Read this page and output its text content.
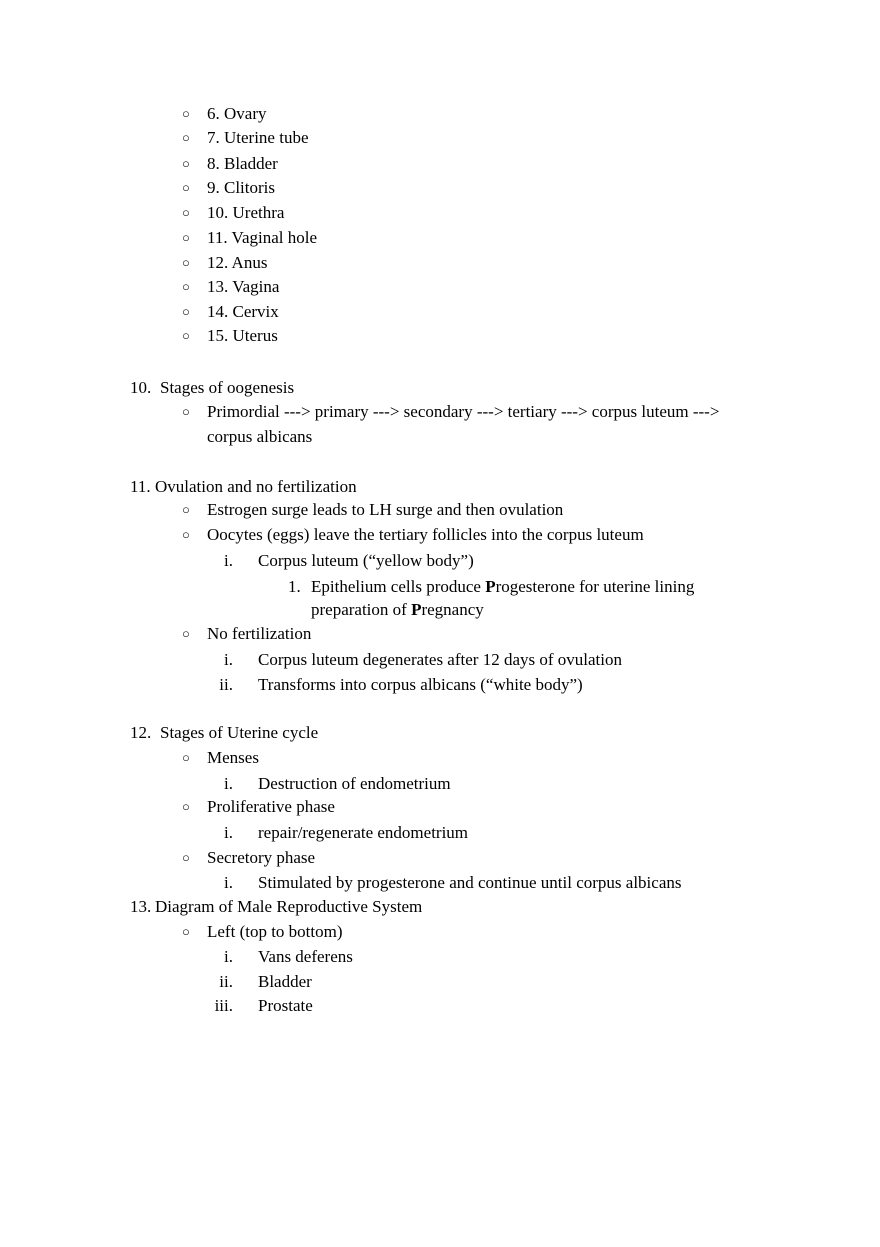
○ 6. Ovary
○ 7. Uterine tube
○ 8. Bladder
○ 9. Clitoris
○ 10. Urethra
○ 11. Vaginal hole
○ 12. Anus
○ 13. Vagina
○ 14. Cervix
○ 15. Uterus
10. Stages of oogenesis
○ Primordial ---> primary ---> secondary ---> tertiary ---> corpus luteum --->
corpus albicans
11. Ovulation and no fertilization
○ Estrogen surge leads to LH surge and then ovulation
○ Oocytes (eggs) leave the tertiary follicles into the corpus luteum
i. Corpus luteum (“yellow body”)
1. Epithelium cells produce Progesterone for uterine lining
preparation of Pregnancy
○ No fertilization
i. Corpus luteum degenerates after 12 days of ovulation
ii. Transforms into corpus albicans (“white body”)
12. Stages of Uterine cycle
○ Menses
i. Destruction of endometrium
○ Proliferative phase
i. repair/regenerate endometrium
○ Secretory phase
i. Stimulated by progesterone and continue until corpus albicans
13. Diagram of Male Reproductive System
○ Left (top to bottom)
i. Vans deferens
ii. Bladder
iii. Prostate
